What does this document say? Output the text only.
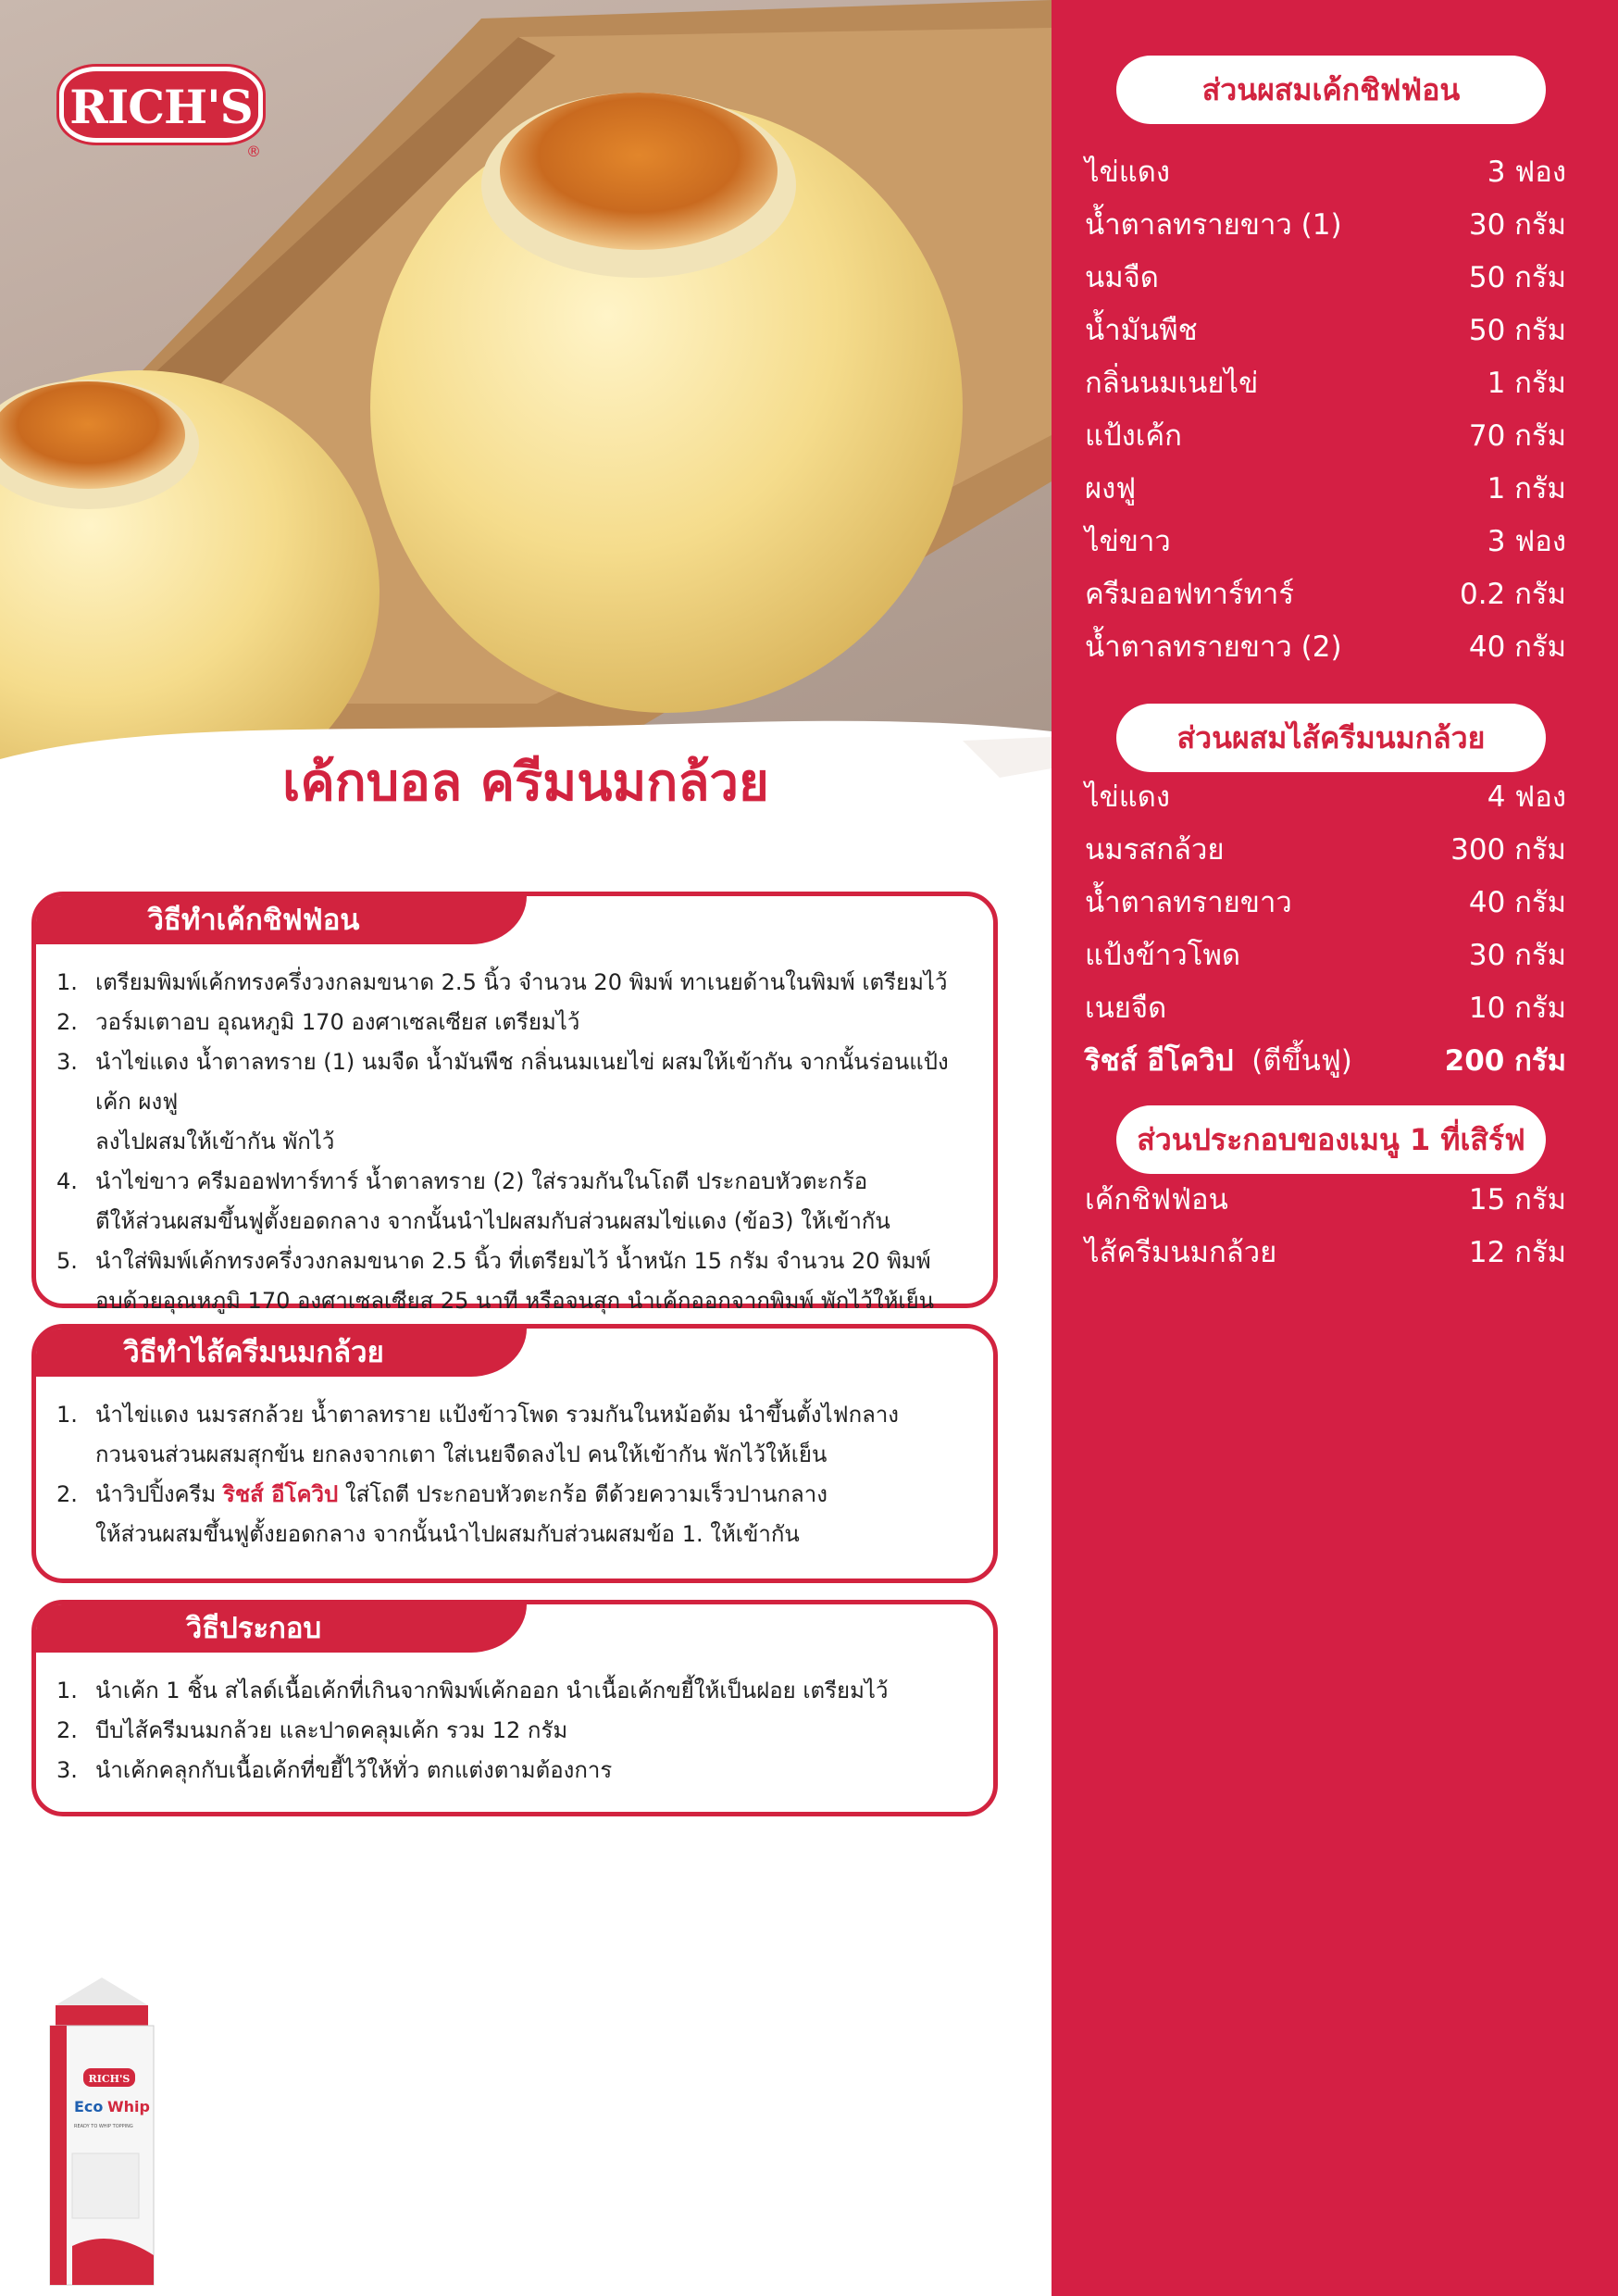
RICH'S
®
เค้กบอล ครีมนมกล้วย
วิธีทำเค้กชิฟฟ่อน
1. เตรียมพิมพ์เค้กทรงครึ่งวงกลมขนาด 2.5 นิ้ว จำนวน 20 พิมพ์ ทาเนยด้านในพิมพ์ เตรียมไว้
2. วอร์มเตาอบ อุณหภูมิ 170 องศาเซลเซียส เตรียมไว้
3. นำไข่แดง น้ำตาลทราย (1) นมจืด น้ำมันพืช กลิ่นนมเนยไข่ ผสมให้เข้ากัน จากนั้นร่อนแป้งเค้ก ผงฟู
ลงไปผสมให้เข้ากัน พักไว้
4. นำไข่ขาว ครีมออฟทาร์ทาร์ น้ำตาลทราย (2) ใส่รวมกันในโถตี ประกอบหัวตะกร้อ
ตีให้ส่วนผสมขึ้นฟูตั้งยอดกลาง จากนั้นนำไปผสมกับส่วนผสมไข่แดง (ข้อ3) ให้เข้ากัน
5. นำใส่พิมพ์เค้กทรงครึ่งวงกลมขนาด 2.5 นิ้ว ที่เตรียมไว้ น้ำหนัก 15 กรัม จำนวน 20 พิมพ์
อบด้วยอุณหภูมิ 170 องศาเซลเซียส 25 นาที หรือจนสุก นำเค้กออกจากพิมพ์ พักไว้ให้เย็น
วิธีทำไส้ครีมนมกล้วย
1. นำไข่แดง นมรสกล้วย น้ำตาลทราย แป้งข้าวโพด รวมกันในหม้อต้ม นำขึ้นตั้งไฟกลาง
กวนจนส่วนผสมสุกข้น ยกลงจากเตา ใส่เนยจืดลงไป คนให้เข้ากัน พักไว้ให้เย็น
2. นำวิปปิ้งครีม ริชส์ อีโควิป ใส่โถตี ประกอบหัวตะกร้อ ตีด้วยความเร็วปานกลาง
ให้ส่วนผสมขึ้นฟูตั้งยอดกลาง จากนั้นนำไปผสมกับส่วนผสมข้อ 1. ให้เข้ากัน
วิธีประกอบ
1. นำเค้ก 1 ชิ้น สไลด์เนื้อเค้กที่เกินจากพิมพ์เค้กออก นำเนื้อเค้กขยี้ให้เป็นฝอย เตรียมไว้
2. บีบไส้ครีมนมกล้วย และปาดคลุมเค้ก รวม 12 กรัม
3. นำเค้กคลุกกับเนื้อเค้กที่ขยี้ไว้ให้ทั่ว ตกแต่งตามต้องการ
RICH'S
Eco Whip
READY TO WHIP TOPPING
ส่วนผสมเค้กชิฟฟ่อน
ไข่แดง	3 ฟอง
น้ำตาลทรายขาว (1)	30 กรัม
นมจืด	50 กรัม
น้ำมันพืช	50 กรัม
กลิ่นนมเนยไข่	1 กรัม
แป้งเค้ก	70 กรัม
ผงฟู	1 กรัม
ไข่ขาว	3 ฟอง
ครีมออฟทาร์ทาร์	0.2 กรัม
น้ำตาลทรายขาว (2)	40 กรัม
ส่วนผสมไส้ครีมนมกล้วย
ไข่แดง	4 ฟอง
นมรสกล้วย	300 กรัม
น้ำตาลทรายขาว	40 กรัม
แป้งข้าวโพด	30 กรัม
เนยจืด	10 กรัม
ริชส์ อีโควิป (ตีขึ้นฟู)	200 กรัม
ส่วนประกอบของเมนู 1 ที่เสิร์ฟ
เค้กชิฟฟ่อน	15 กรัม
ไส้ครีมนมกล้วย	12 กรัม
